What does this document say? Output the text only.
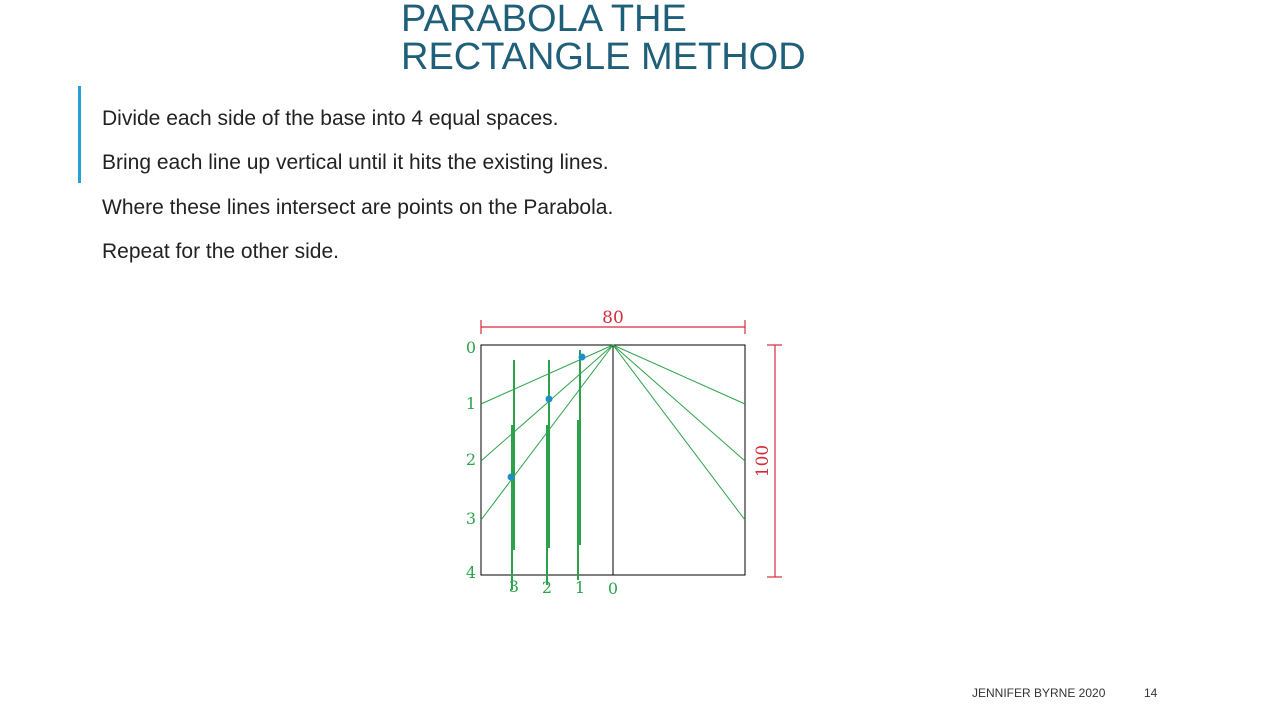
PARABOLA THE
RECTANGLE METHOD
Divide each side of the base into 4 equal spaces.
Bring each line up vertical until it hits the existing lines.
Where these lines intersect are points on the Parabola.
Repeat for the other side.
80
100
0
1
2
3
4
3 2 1 0
JENNIFER BYRNE 2020	14
